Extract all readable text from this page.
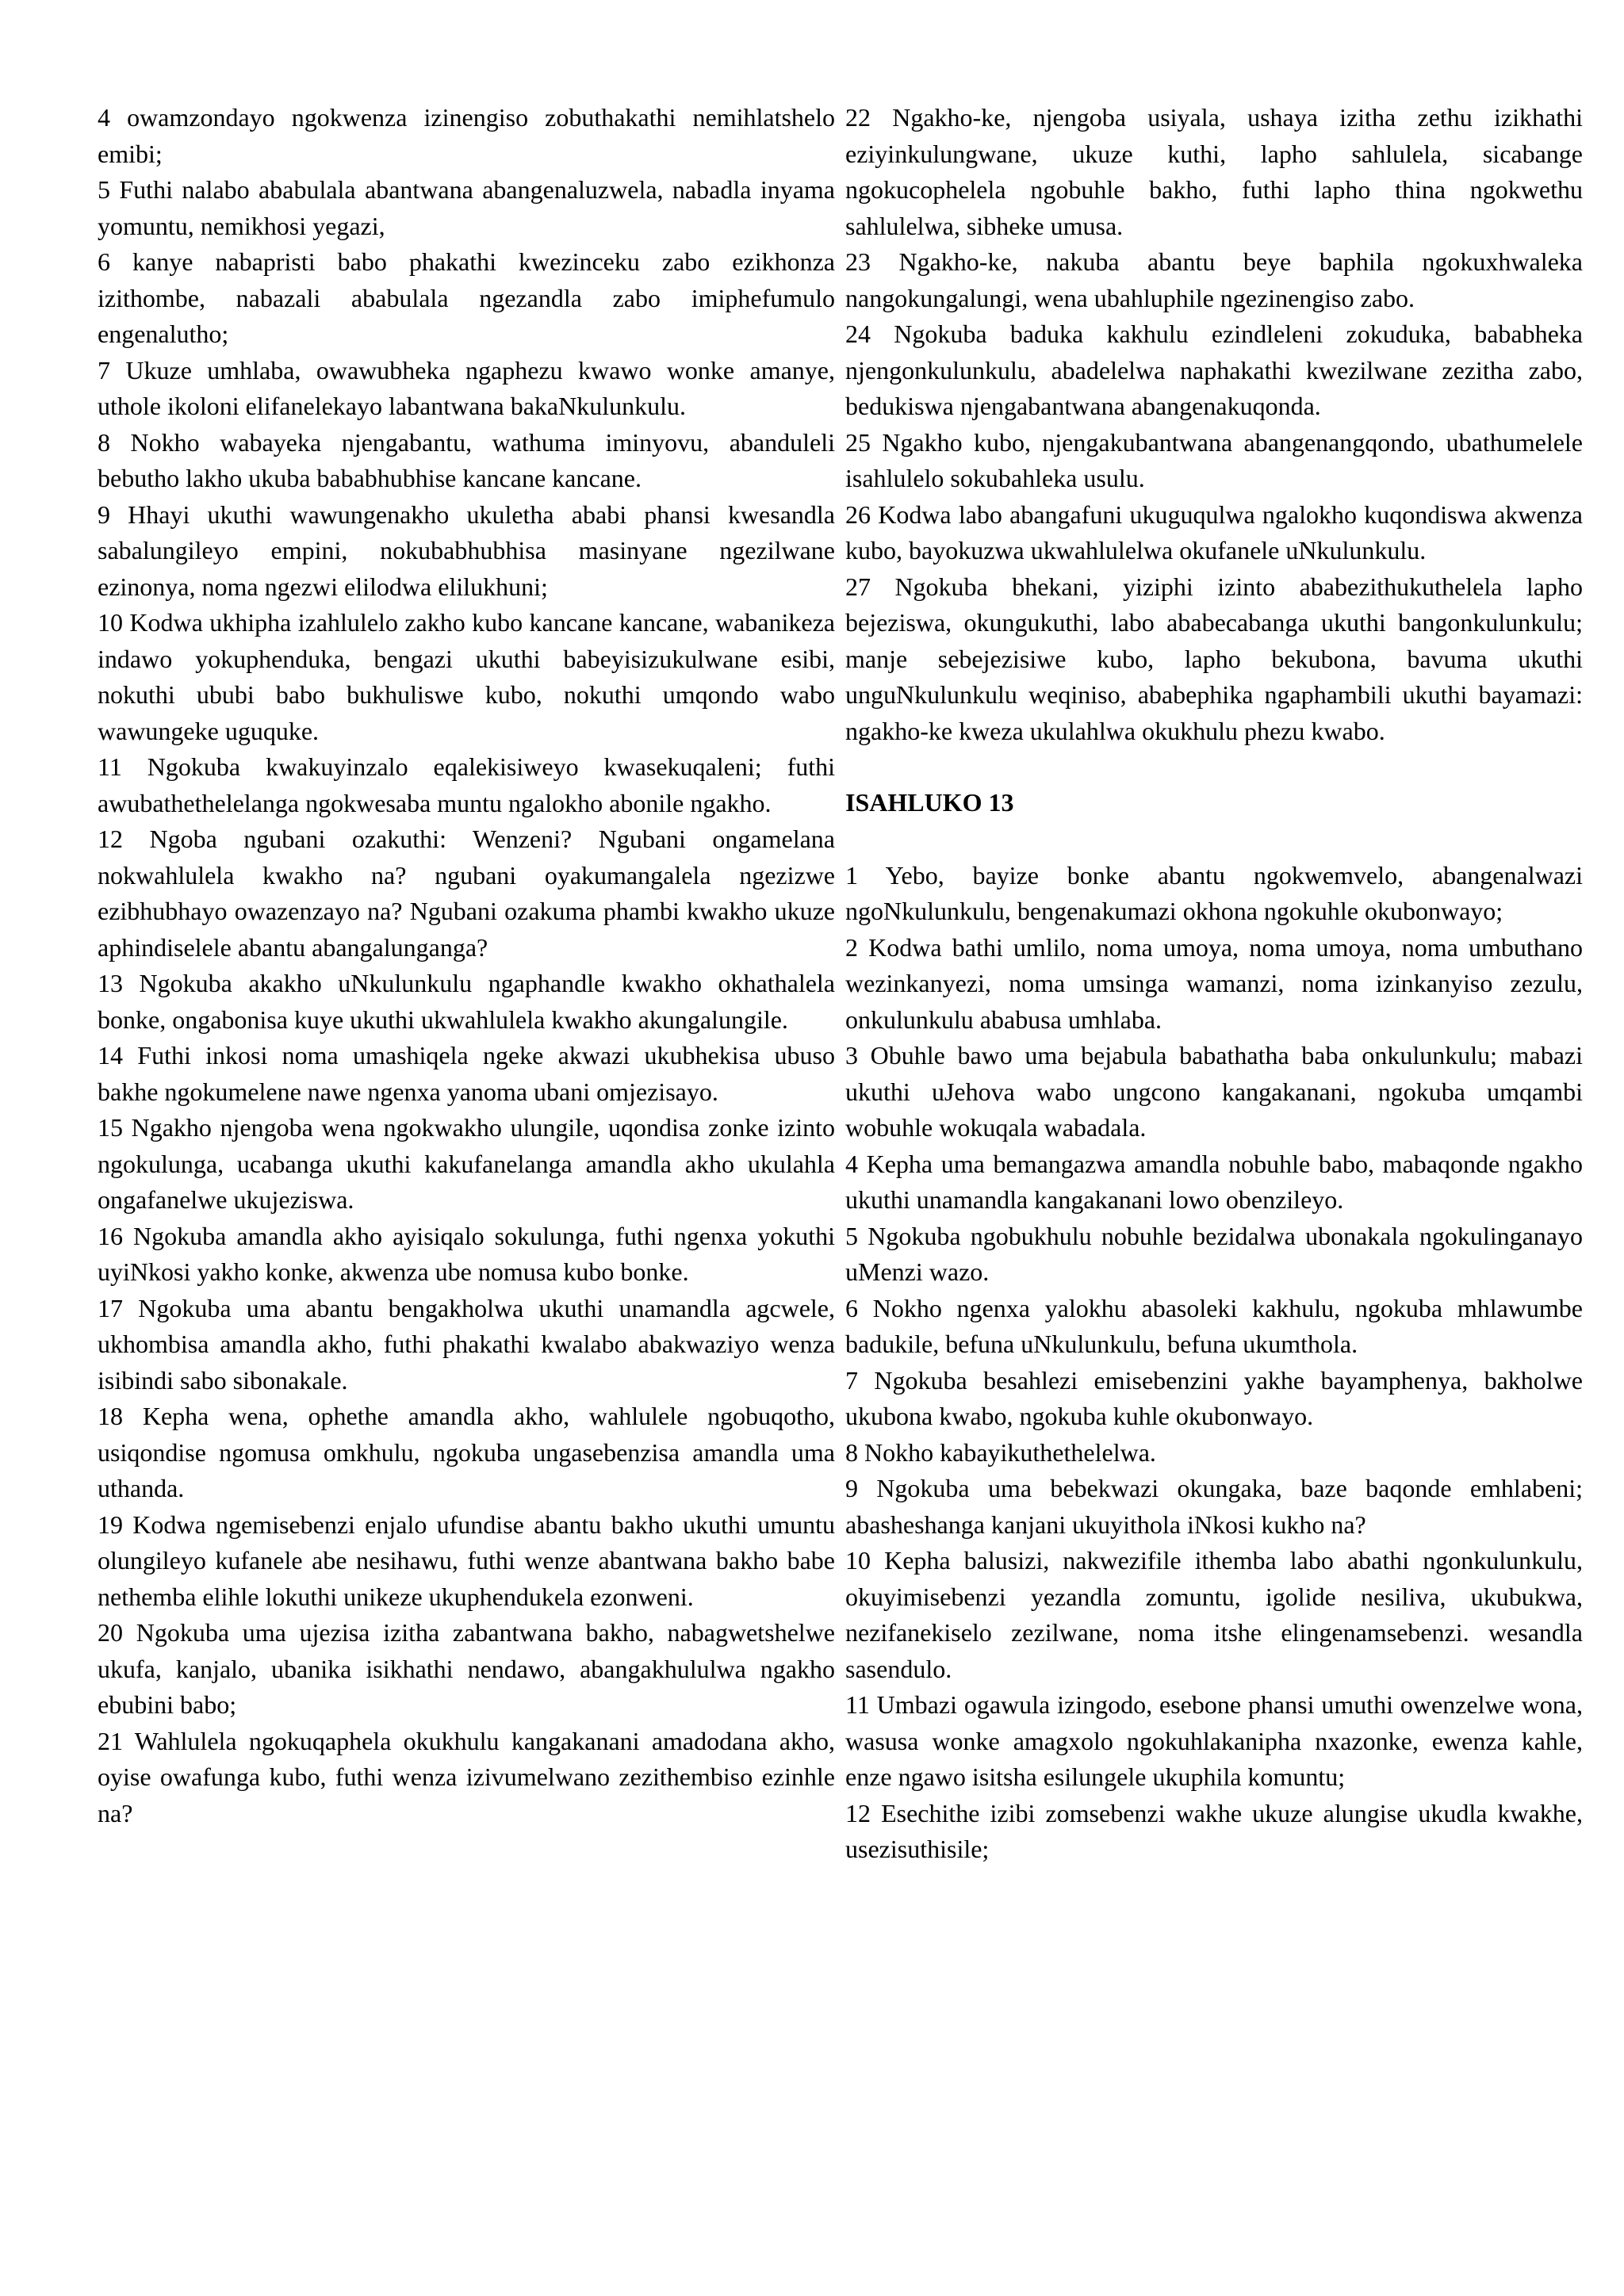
4 owamzondayo ngokwenza izinengiso zobuthakathi nemihlatshelo emibi;

5 Futhi nalabo ababulala abantwana abangenaluzwela, nabadla inyama yomuntu, nemikhosi yegazi,

6 kanye nabapristi babo phakathi kwezinceku zabo ezikhonza izithombe, nabazali ababulala ngezandla zabo imiphefumulo engenalutho;

7 Ukuze umhlaba, owawubheka ngaphezu kwawo wonke amanye, uthole ikoloni elifanelekayo labantwana bakaNkulunkulu.

8 Nokho wabayeka njengabantu, wathuma iminyovu, abanduleli bebutho lakho ukuba bababhubhise kancane kancane.

9 Hhayi ukuthi wawungenakho ukuletha ababi phansi kwesandla sabalungileyo empini, nokubabhubhisa masinyane ngezilwane ezinonya, noma ngezwi elilodwa elilukhuni;

10 Kodwa ukhipha izahlulelo zakho kubo kancane kancane, wabanikeza indawo yokuphenduka, bengazi ukuthi babeyisizukulwane esibi, nokuthi ububi babo bukhuliswe kubo, nokuthi umqondo wabo wawungeke uguquke.

11 Ngokuba kwakuyinzalo eqalekisiweyo kwasekuqaleni; futhi awubathethelelanga ngokwesaba muntu ngalokho abonile ngakho.

12 Ngoba ngubani ozakuthi: Wenzeni? Ngubani ongamelana nokwahlulela kwakho na? ngubani oyakumangalela ngezizwe ezibhubhayo owazenzayo na? Ngubani ozakuma phambi kwakho ukuze aphindiselele abantu abangalunganga?

13 Ngokuba akakho uNkulunkulu ngaphandle kwakho okhathalela bonke, ongabonisa kuye ukuthi ukwahlulela kwakho akungalungile.

14 Futhi inkosi noma umashiqela ngeke akwazi ukubhekisa ubuso bakhe ngokumelene nawe ngenxa yanoma ubani omjezisayo.

15 Ngakho njengoba wena ngokwakho ulungile, uqondisa zonke izinto ngokulunga, ucabanga ukuthi kakufanelanga amandla akho ukulahla ongafanelwe ukujeziswa.

16 Ngokuba amandla akho ayisiqalo sokulunga, futhi ngenxa yokuthi uyiNkosi yakho konke, akwenza ube nomusa kubo bonke.

17 Ngokuba uma abantu bengakholwa ukuthi unamandla agcwele, ukhombisa amandla akho, futhi phakathi kwalabo abakwaziyo wenza isibindi sabo sibonakale.

18 Kepha wena, ophethe amandla akho, wahlulele ngobuqotho, usiqondise ngomusa omkhulu, ngokuba ungasebenzisa amandla uma uthanda.

19 Kodwa ngemisebenzi enjalo ufundise abantu bakho ukuthi umuntu olungileyo kufanele abe nesihawu, futhi wenze abantwana bakho babe nethemba elihle lokuthi unikeze ukuphendukela ezonweni.

20 Ngokuba uma ujezisa izitha zabantwana bakho, nabagwetshelwe ukufa, kanjalo, ubanika isikhathi nendawo, abangakhululwa ngakho ebubini babo;

21 Wahlulela ngokuqaphela okukhulu kangakanani amadodana akho, oyise owafunga kubo, futhi wenza izivumelwano zezithembiso ezinhle na?

22 Ngakho-ke, njengoba usiyala, ushaya izitha zethu izikhathi eziyinkulungwane, ukuze kuthi, lapho sahlulela, sicabange ngokucophelela ngobuhle bakho, futhi lapho thina ngokwethu sahlulelwa, sibheke umusa.

23 Ngakho-ke, nakuba abantu beye baphila ngokuxhwaleka nangokungalungi, wena ubahluphile ngezinengiso zabo.

24 Ngokuba baduka kakhulu ezindleleni zokuduka, bababheka njengonkulunkulu, abadelelwa naphakathi kwezilwane zezitha zabo, bedukiswa njengabantwana abangenakuqonda.

25 Ngakho kubo, njengakubantwana abangenangqondo, ubathumelele isahlulelo sokubahleka usulu.

26 Kodwa labo abangafuni ukuguqulwa ngalokho kuqondiswa akwenza kubo, bayokuzwa ukwahlulelwa okufanele uNkulunkulu.

27 Ngokuba bhekani, yiziphi izinto ababezithukuthelela lapho bejeziswa, okungukuthi, labo ababecabanga ukuthi bangonkulunkulu; manje sebejezisiwe kubo, lapho bekubona, bavuma ukuthi unguNkulunkulu weqiniso, ababephika ngaphambili ukuthi bayamazi: ngakho-ke kweza ukulahlwa okukhulu phezu kwabo.

ISAHLUKO 13

1 Yebo, bayize bonke abantu ngokwemvelo, abangenalwazi ngoNkulunkulu, bengenakumazi okhona ngokuhle okubonwayo;

2 Kodwa bathi umlilo, noma umoya, noma umoya, noma umbuthano wezinkanyezi, noma umsinga wamanzi, noma izinkanyiso zezulu, onkulunkulu ababusa umhlaba.

3 Obuhle bawo uma bejabula babathatha baba onkulunkulu; mabazi ukuthi uJehova wabo ungcono kangakanani, ngokuba umqambi wobuhle wokuqala wabadala.

4 Kepha uma bemangazwa amandla nobuhle babo, mabaqonde ngakho ukuthi unamandla kangakanani lowo obenzileyo.

5 Ngokuba ngobukhulu nobuhle bezidalwa ubonakala ngokulinganayo uMenzi wazo.

6 Nokho ngenxa yalokhu abasoleki kakhulu, ngokuba mhlawumbe badukile, befuna uNkulunkulu, befuna ukumthola.

7 Ngokuba besahlezi emisebenzini yakhe bayamphenya, bakholwe ukubona kwabo, ngokuba kuhle okubonwayo.

8 Nokho kabayikuthethelelwa.

9 Ngokuba uma bebekwazi okungaka, baze baqonde emhlabeni; abasheshanga kanjani ukuyithola iNkosi kukho na?

10 Kepha balusizi, nakwezifile ithemba labo abathi ngonkulunkulu, okuyimisebenzi yezandla zomuntu, igolide nesiliva, ukubukwa, nezifanekiselo zezilwane, noma itshe elingenamsebenzi. wesandla sasendulo.

11 Umbazi ogawula izingodo, esebone phansi umuthi owenzelwe wona, wasusa wonke amagxolo ngokuhlakanipha nxazonke, ewenza kahle, enze ngawo isitsha esilungele ukuphila komuntu;

12 Esechithe izibi zomsebenzi wakhe ukuze alungise ukudla kwakhe, usezisuthisile;
